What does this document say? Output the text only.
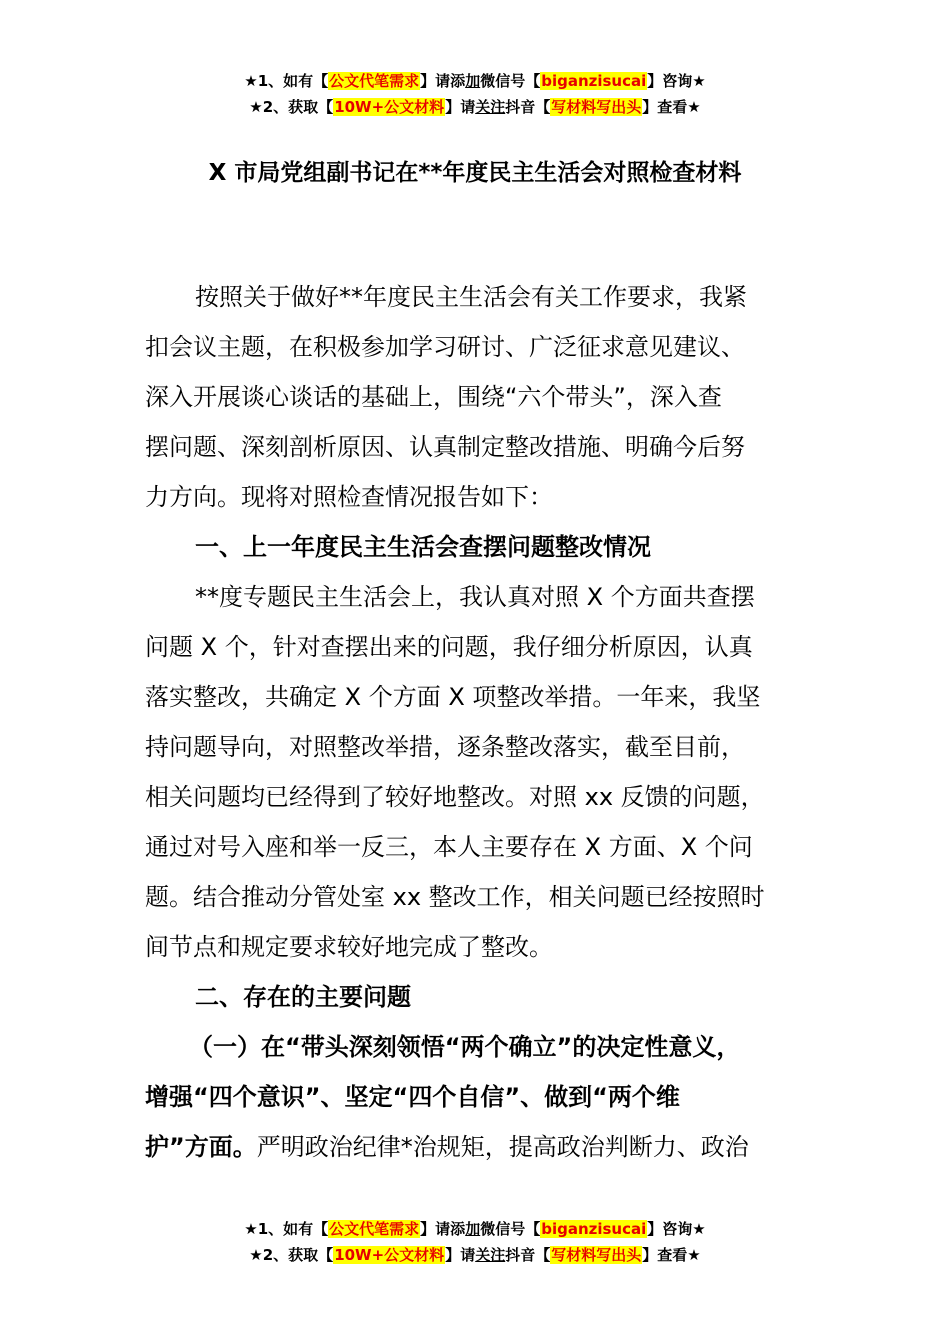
★1、如有【公文代笔需求】请添加微信号【biganzisucai】咨询★
★2、获取【10W+公文材料】请关注抖音【写材料写出头】查看★
X 市局党组副书记在**年度民主生活会对照检查材料
按照关于做好**年度民主生活会有关工作要求，我紧
扣会议主题，在积极参加学习研讨、广泛征求意见建议、
深入开展谈心谈话的基础上，围绕“六个带头”，深入查
摆问题、深刻剖析原因、认真制定整改措施、明确今后努
力方向。现将对照检查情况报告如下：
一、上一年度民主生活会查摆问题整改情况
**度专题民主生活会上，我认真对照 X 个方面共查摆
问题 X 个，针对查摆出来的问题，我仔细分析原因，认真
落实整改，共确定 X 个方面 X 项整改举措。一年来，我坚
持问题导向，对照整改举措，逐条整改落实，截至目前，
相关问题均已经得到了较好地整改。对照 xx 反馈的问题，
通过对号入座和举一反三，本人主要存在 X 方面、X 个问
题。结合推动分管处室 xx 整改工作，相关问题已经按照时
间节点和规定要求较好地完成了整改。
二、存在的主要问题
（一）在“带头深刻领悟“两个确立”的决定性意义，
增强“四个意识”、坚定“四个自信”、做到“两个维
护”方面。严明政治纪律*治规矩，提高政治判断力、政治
★1、如有【公文代笔需求】请添加微信号【biganzisucai】咨询★
★2、获取【10W+公文材料】请关注抖音【写材料写出头】查看★
